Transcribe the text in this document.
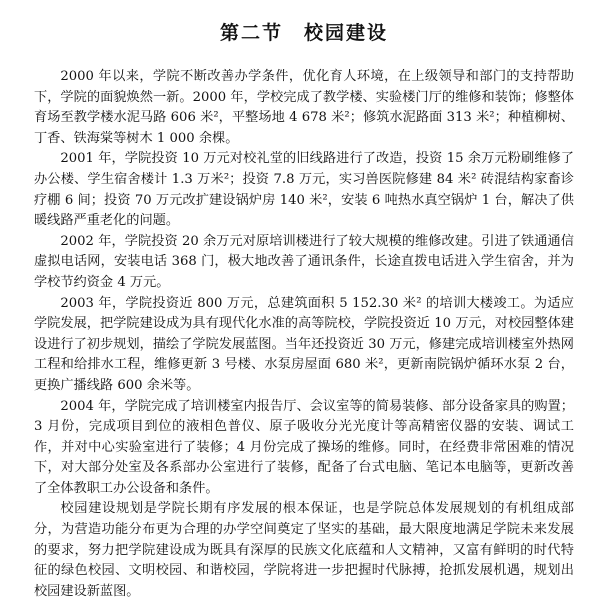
第二节　校园建设

2000 年以来，学院不断改善办学条件，优化育人环境，在上级领导和部门的支持帮助下，学院的面貌焕然一新。2000 年，学校完成了教学楼、实验楼门厅的维修和装饰；修整体育场至教学楼水泥马路 606 米²，平整场地 4 678 米²；修筑水泥路面 313 米²；种植柳树、丁香、铁海棠等树木 1 000 余棵。

2001 年，学院投资 10 万元对校礼堂的旧线路进行了改造，投资 15 余万元粉刷维修了办公楼、学生宿舍楼计 1.3 万米²；投资 7.8 万元，实习兽医院修建 84 米² 砖混结构家畜诊疗棚 6 间；投资 70 万元改扩建设锅炉房 140 米²，安装 6 吨热水真空锅炉 1 台，解决了供暖线路严重老化的问题。

2002 年，学院投资 20 余万元对原培训楼进行了较大规模的维修改建。引进了铁通通信虚拟电话网，安装电话 368 门，极大地改善了通讯条件，长途直拨电话进入学生宿舍，并为学校节约资金 4 万元。

2003 年，学院投资近 800 万元，总建筑面积 5 152.30 米² 的培训大楼竣工。为适应学院发展，把学院建设成为具有现代化水准的高等院校，学院投资近 10 万元，对校园整体建设进行了初步规划，描绘了学院发展蓝图。当年还投资近 30 万元，修建完成培训楼室外热网工程和给排水工程，维修更新 3 号楼、水泵房屋面 680 米²，更新南院锅炉循环水泵 2 台，更换广播线路 600 余米等。

2004 年，学院完成了培训楼室内报告厅、会议室等的简易装修、部分设备家具的购置；3 月份，完成项目到位的液相色普仪、原子吸收分光光度计等高精密仪器的安装、调试工作，并对中心实验室进行了装修；4 月份完成了操场的维修。同时，在经费非常困难的情况下，对大部分处室及各系部办公室进行了装修，配备了台式电脑、笔记本电脑等，更新改善了全体教职工办公设备和条件。

校园建设规划是学院长期有序发展的根本保证，也是学院总体发展规划的有机组成部分，为营造功能分布更为合理的办学空间奠定了坚实的基础，最大限度地满足学院未来发展的要求，努力把学院建设成为既具有深厚的民族文化底蕴和人文精神，又富有鲜明的时代特征的绿色校园、文明校园、和谐校园，学院将进一步把握时代脉搏，抢抓发展机遇，规划出校园建设新蓝图。
